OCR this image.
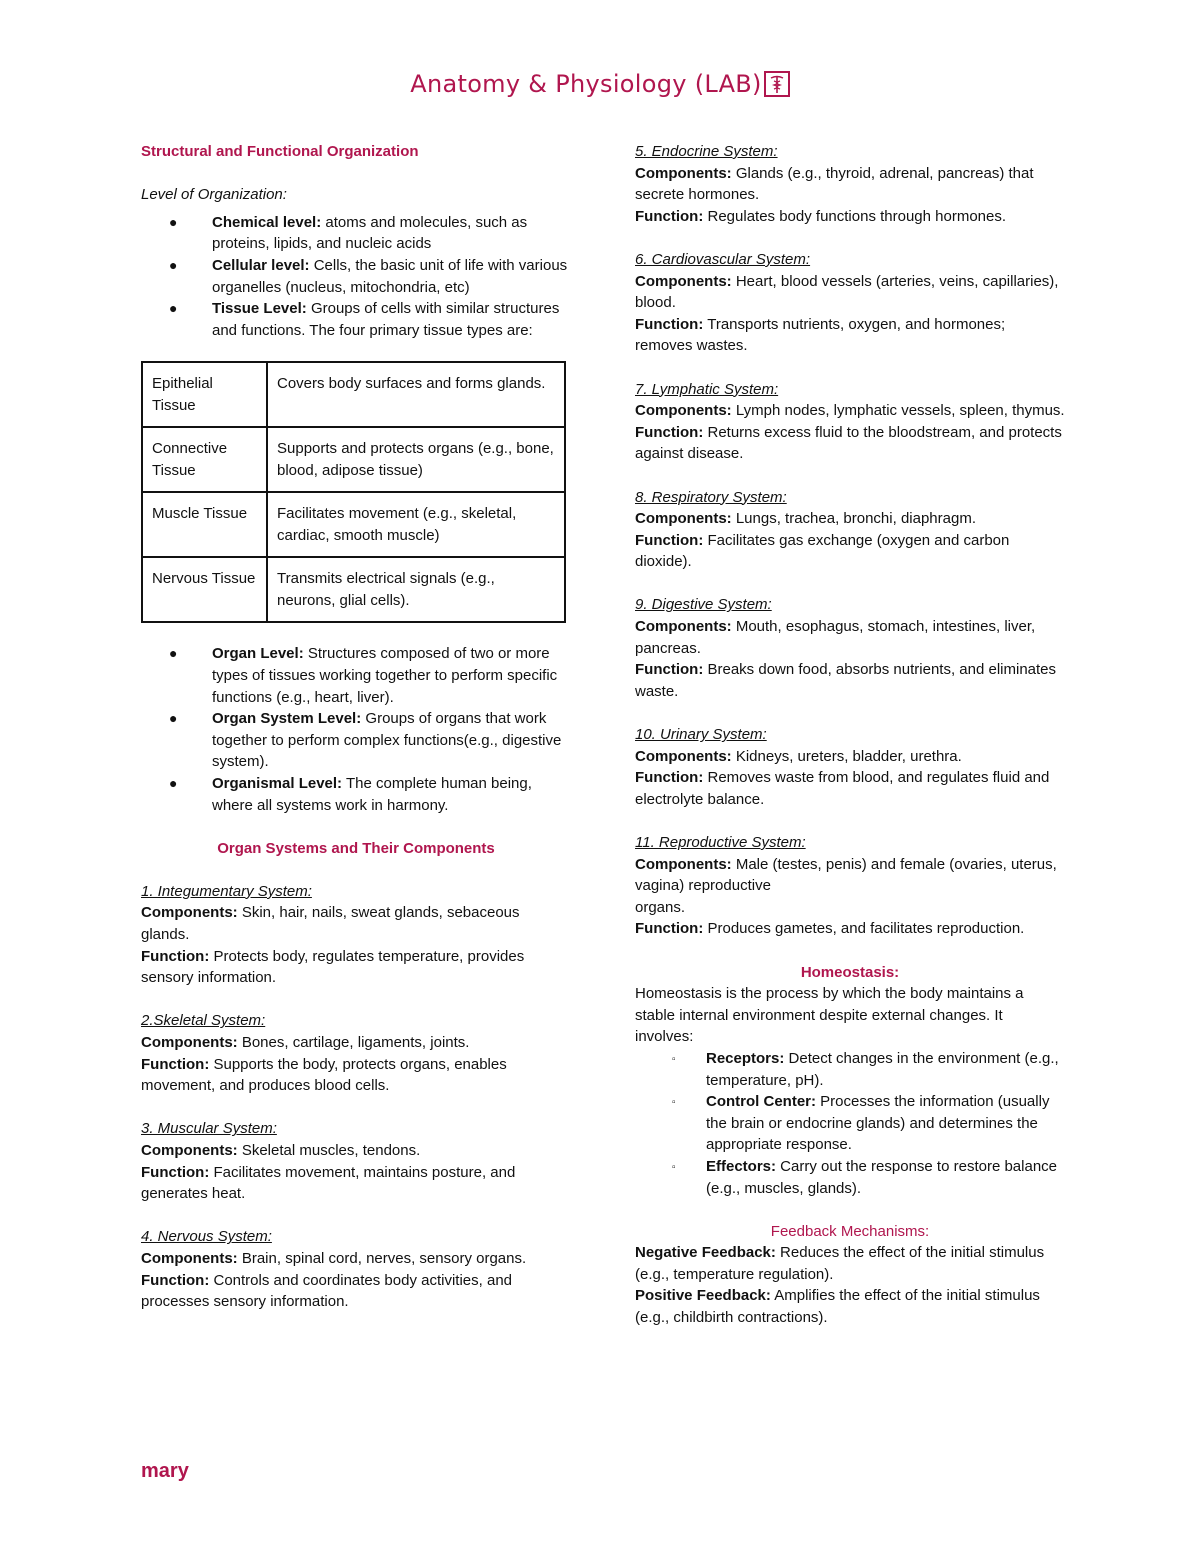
Anatomy & Physiology (LAB)

Structural and Functional Organization

Level of Organization:

● Chemical level: atoms and molecules, such as proteins, lipids, and nucleic acids
● Cellular level: Cells, the basic unit of life with various organelles (nucleus, mitochondria, etc)
● Tissue Level: Groups of cells with similar structures and functions. The four primary tissue types are:
Epithelial Tissue	Covers body surfaces and forms glands.
Connective Tissue	Supports and protects organs (e.g., bone, blood, adipose tissue)
Muscle Tissue	Facilitates movement (e.g., skeletal, cardiac, smooth muscle)
Nervous Tissue	Transmits electrical signals (e.g., neurons, glial cells).
● Organ Level: Structures composed of two or more types of tissues working together to perform specific functions (e.g., heart, liver).
● Organ System Level: Groups of organs that work together to perform complex functions(e.g., digestive system).
● Organismal Level: The complete human being, where all systems work in harmony.

Organ Systems and Their Components

1. Integumentary System:

Components: Skin, hair, nails, sweat glands, sebaceous glands.

Function: Protects body, regulates temperature, provides sensory information.

2.Skeletal System:

Components: Bones, cartilage, ligaments, joints.

Function: Supports the body, protects organs, enables movement, and produces blood cells.

3. Muscular System:

Components: Skeletal muscles, tendons.

Function: Facilitates movement, maintains posture, and generates heat.

4. Nervous System:

Components: Brain, spinal cord, nerves, sensory organs.

Function: Controls and coordinates body activities, and processes sensory information.

5. Endocrine System:

Components: Glands (e.g., thyroid, adrenal, pancreas) that secrete hormones.

Function: Regulates body functions through hormones.

6. Cardiovascular System:

Components: Heart, blood vessels (arteries, veins, capillaries), blood.

Function: Transports nutrients, oxygen, and hormones; removes wastes.

7. Lymphatic System:

Components: Lymph nodes, lymphatic vessels, spleen, thymus.

Function: Returns excess fluid to the bloodstream, and protects against disease.

8. Respiratory System:

Components: Lungs, trachea, bronchi, diaphragm.

Function: Facilitates gas exchange (oxygen and carbon dioxide).

9. Digestive System:

Components: Mouth, esophagus, stomach, intestines, liver, pancreas.

Function: Breaks down food, absorbs nutrients, and eliminates waste.

10. Urinary System:

Components: Kidneys, ureters, bladder, urethra.

Function: Removes waste from blood, and regulates fluid and electrolyte balance.

11. Reproductive System:

Components: Male (testes, penis) and female (ovaries, uterus, vagina) reproductive

organs.

Function: Produces gametes, and facilitates reproduction.

Homeostasis:

Homeostasis is the process by which the body maintains a stable internal environment despite external changes. It involves:

▫ Receptors: Detect changes in the environment (e.g., temperature, pH).
▫ Control Center: Processes the information (usually the brain or endocrine glands) and determines the appropriate response.
▫ Effectors: Carry out the response to restore balance (e.g., muscles, glands).

Feedback Mechanisms:

Negative Feedback: Reduces the effect of the initial stimulus (e.g., temperature regulation).

Positive Feedback: Amplifies the effect of the initial stimulus (e.g., childbirth contractions).

mary
